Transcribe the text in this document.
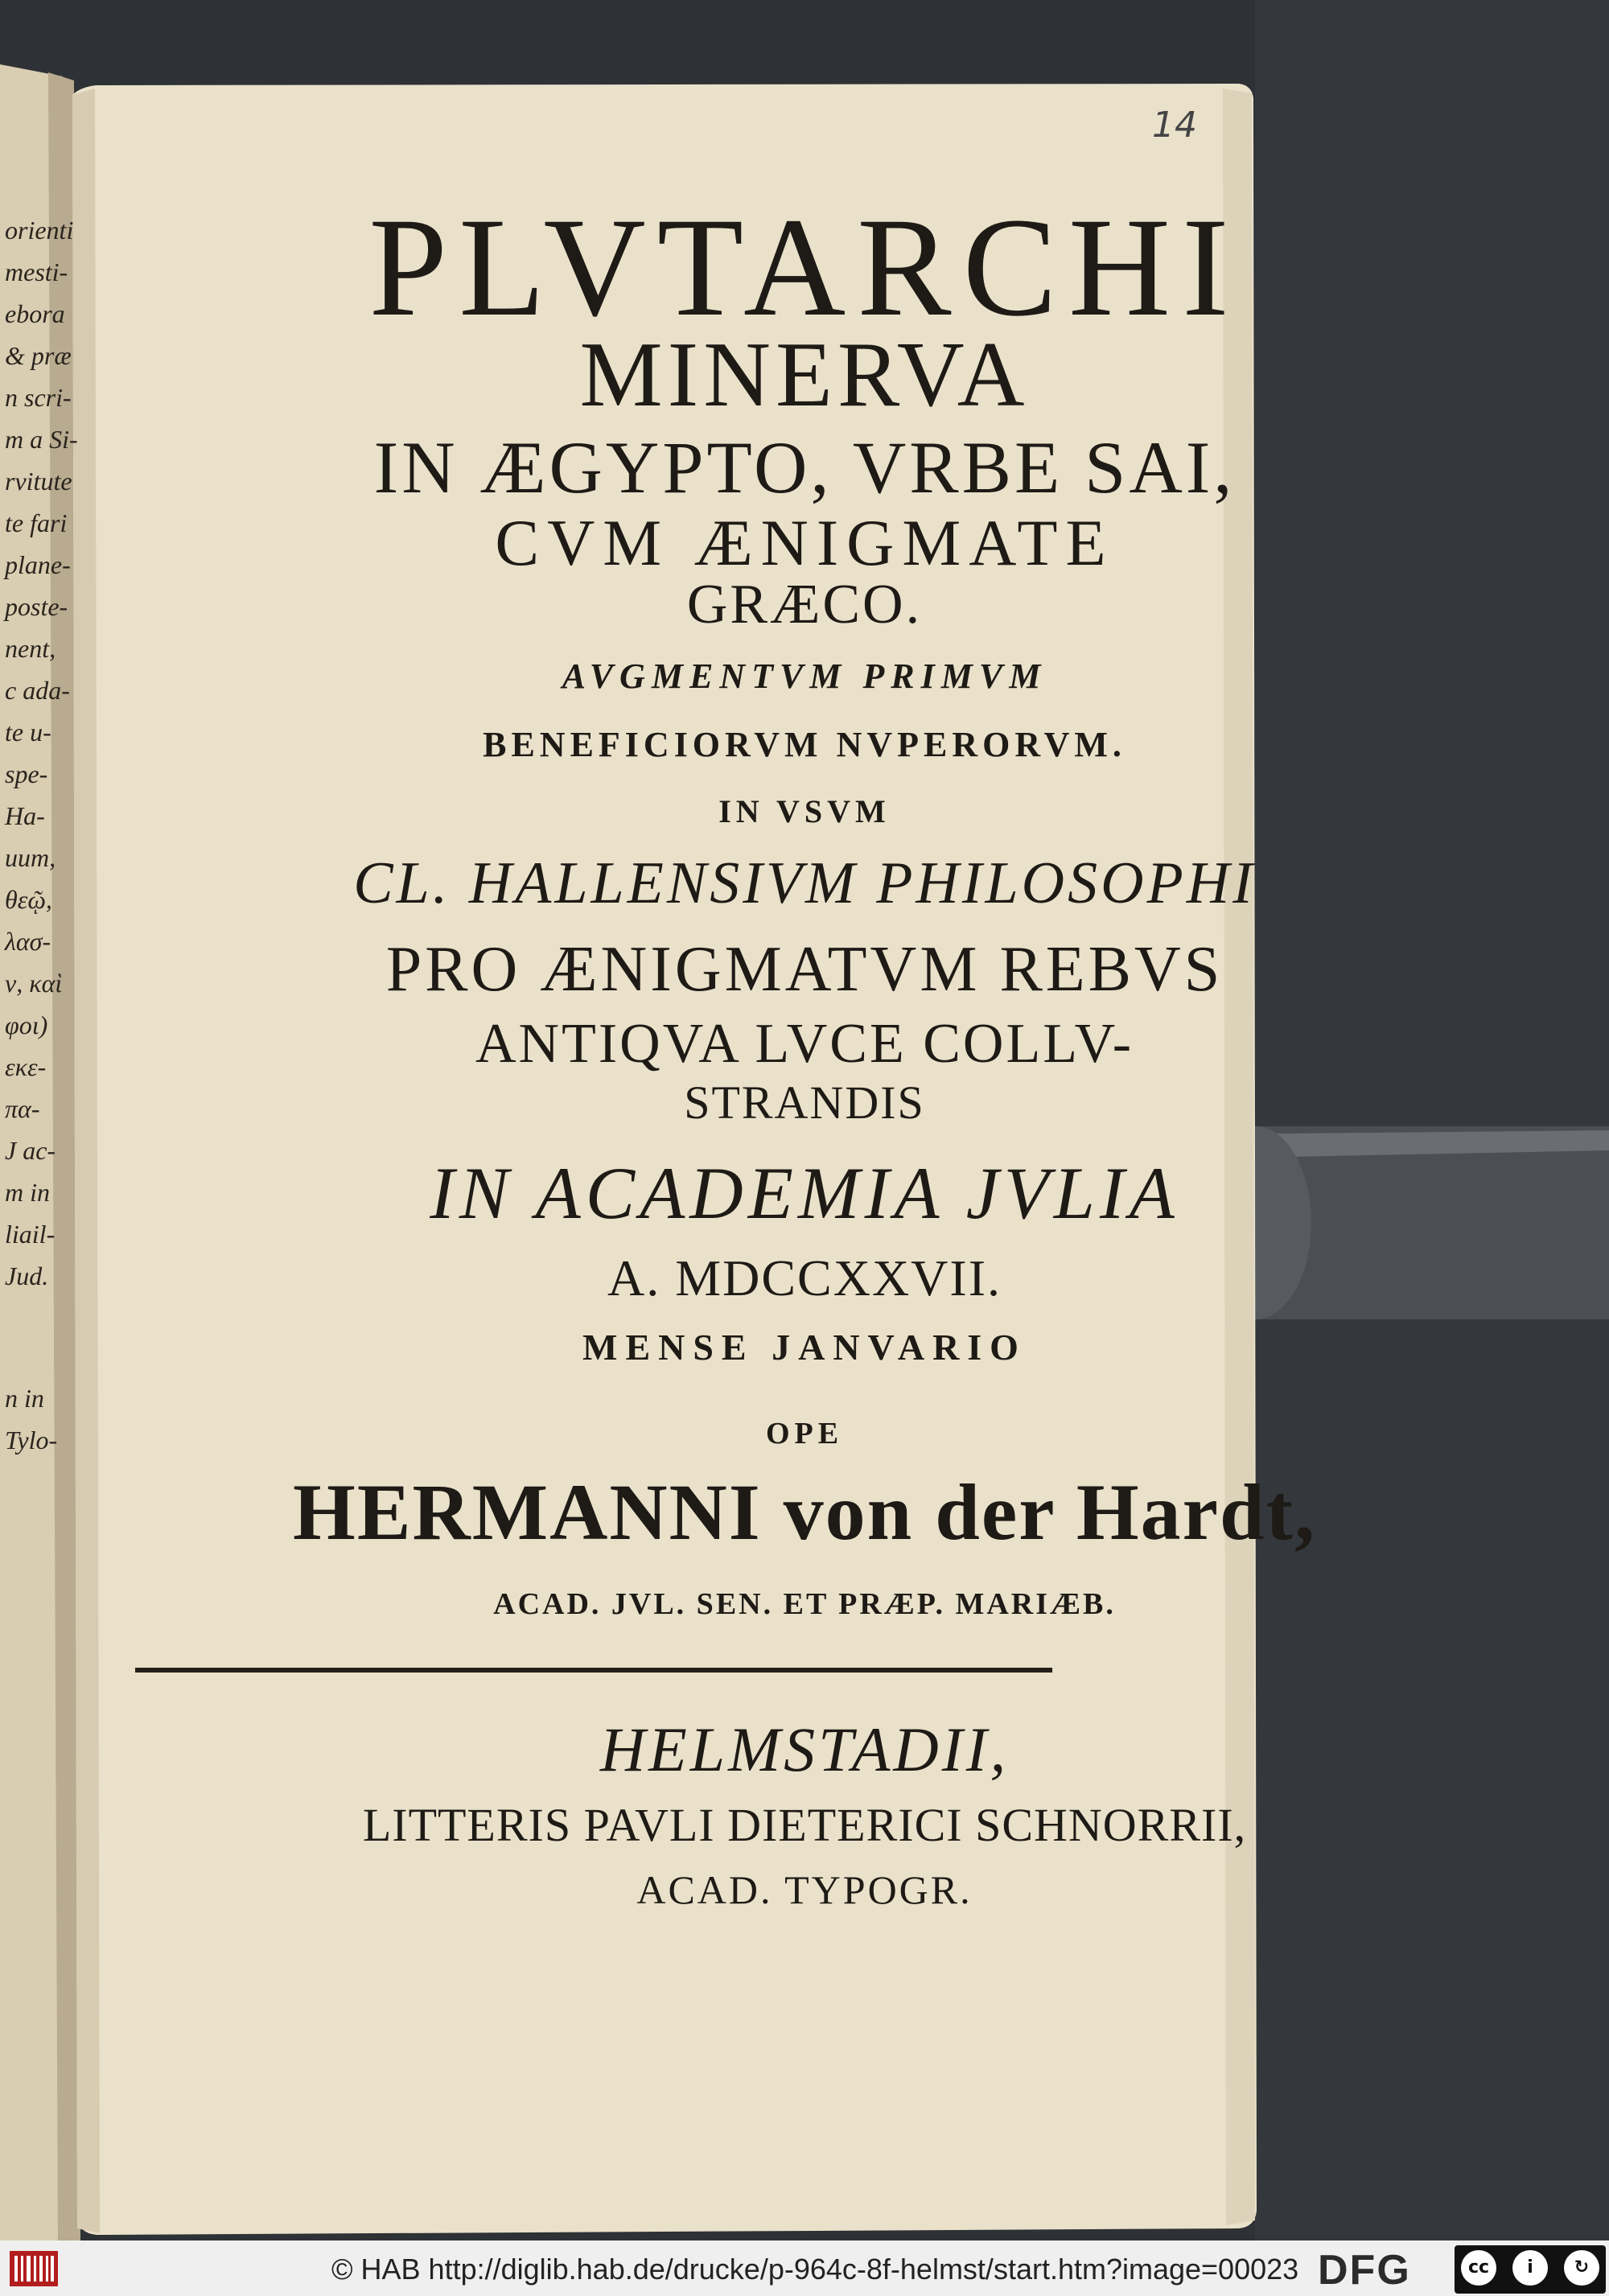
14
PLVTARCHI
MINERVA
IN ÆGYPTO, VRBE SAI,
CVM ÆNIGMATE
GRÆCO.
AVGMENTVM PRIMVM
BENEFICIORVM NVPERORVM.
IN VSVM
CL. HALLENSIVM PHILOSOPHI
PRO ÆNIGMATVM REBVS
ANTIQVA LVCE COLLV-
STRANDIS
IN ACADEMIA JVLIA
A. MDCCXXVII.
MENSE JANVARIO
OPE
HERMANNI von der Hardt,
ACAD. JVL. SEN. ET PRÆP. MARIÆB.
HELMSTADII,
LITTERIS PAVLI DIETERICI SCHNORRII,
ACAD. TYPOGR.
orienti
mesti-
ebora
& præ
n scri-
m a Si-
rvitute
te fari
plane-
poste-
nent,
c ada-
te u-
spe-
Ha-
uum,
θεῷ,
λασ-
ν, καὶ
φοι)
εκε-
πα-
J ac-
m in
liail-
Jud.
n in
Tylo-
© HAB http://diglib.hab.de/drucke/p-964c-8f-helmst/start.htm?image=00023 DFG	cc	i	↻
